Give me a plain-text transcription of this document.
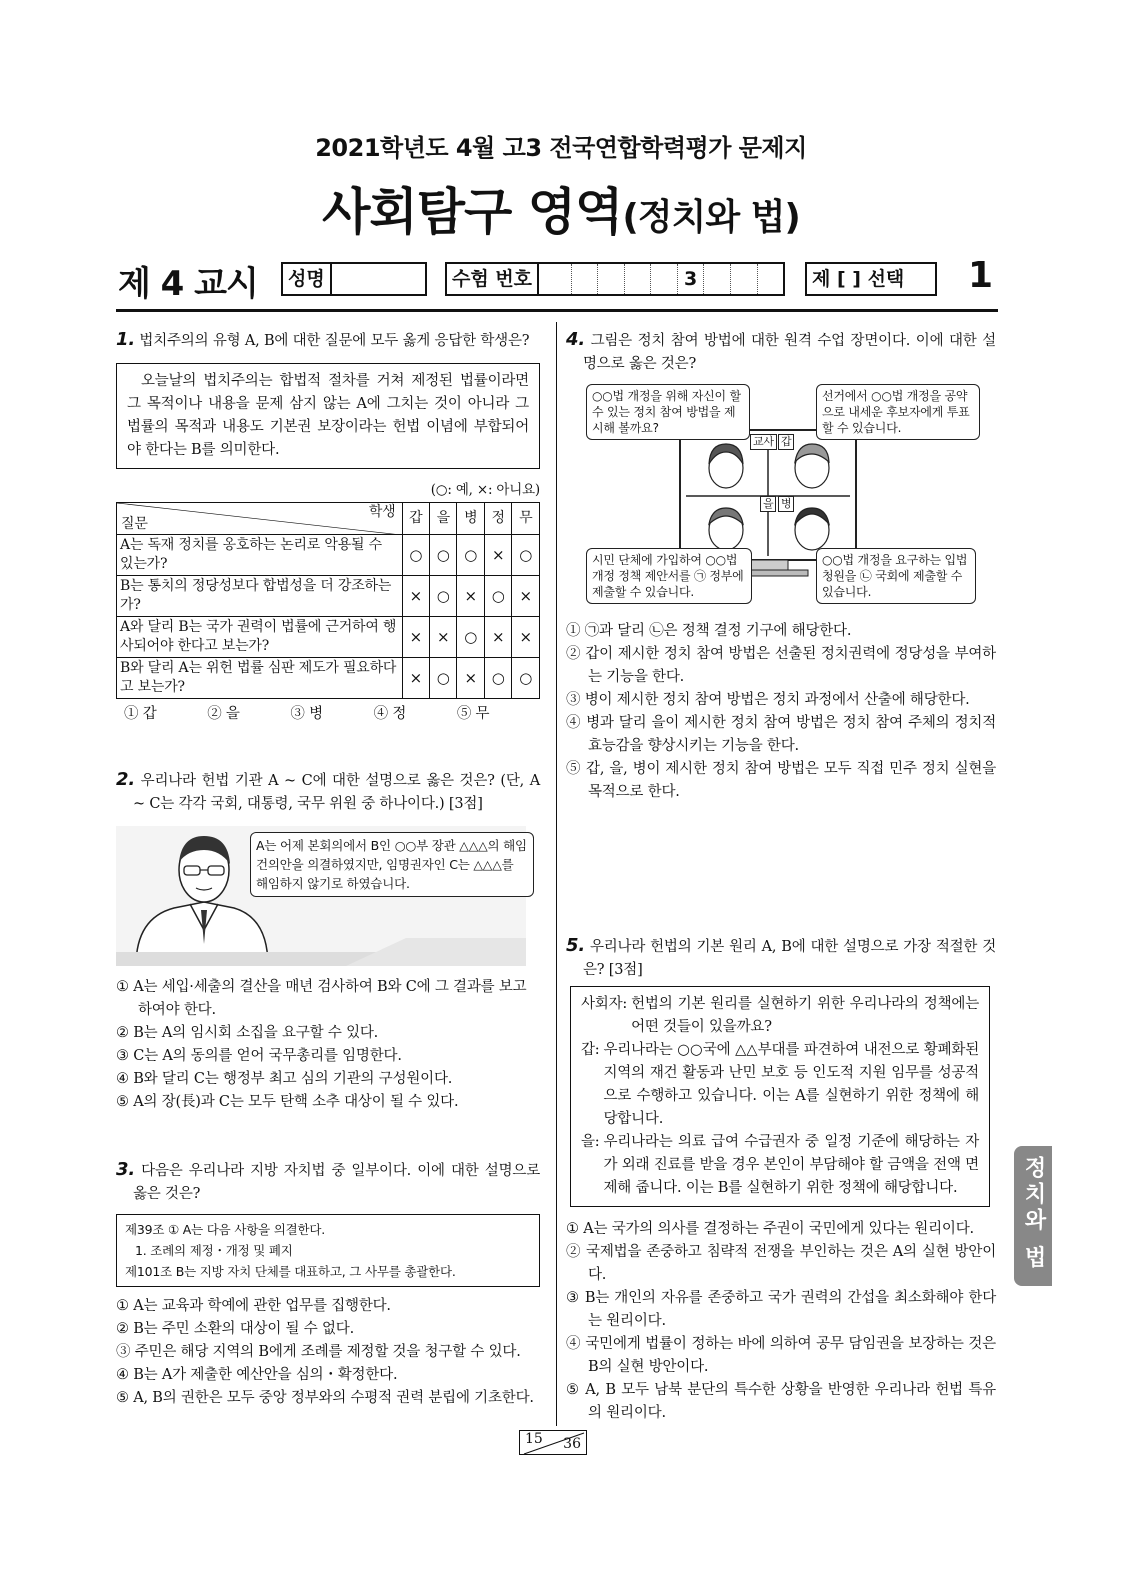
2021학년도 4월 고3 전국연합학력평가 문제지
사회탐구 영역(정치와 법)
제 4 교시 성명	수험 번호	3	제 [ ] 선택 1
1. 법치주의의 유형 A, B에 대한 질문에 모두 옳게 응답한 학생은?
오늘날의 법치주의는 합법적 절차를 거쳐 제정된 법률이라면 그 목적이나 내용을 문제 삼지 않는 A에 그치는 것이 아니라 그 법률의 목적과 내용도 기본권 보장이라는 헌법 이념에 부합되어야 한다는 B를 의미한다.
(○: 예, ×: 아니요)
학생
질문	갑	을	병	정	무
A는 독재 정치를 옹호하는 논리로 악용될 수 있는가?	○	○	○	×	○
B는 통치의 정당성보다 합법성을 더 강조하는가?	×	○	×	○	×
A와 달리 B는 국가 권력이 법률에 근거하여 행사되어야 한다고 보는가?	×	×	○	×	×
B와 달리 A는 위헌 법률 심판 제도가 필요하다고 보는가?	×	○	×	○	○
① 갑	② 을	③ 병	④ 정	⑤ 무
2. 우리나라 헌법 기관 A ~ C에 대한 설명으로 옳은 것은? (단, A ~ C는 각각 국회, 대통령, 국무 위원 중 하나이다.) [3점]
A는 어제 본회의에서 B인 ○○부 장관 △△△의 해임 건의안을 의결하였지만, 임명권자인 C는 △△△를 해임하지 않기로 하였습니다.
① A는 세입·세출의 결산을 매년 검사하여 B와 C에 그 결과를 보고하여야 한다.
② B는 A의 임시회 소집을 요구할 수 있다.
③ C는 A의 동의를 얻어 국무총리를 임명한다.
④ B와 달리 C는 행정부 최고 심의 기관의 구성원이다.
⑤ A의 장(長)과 C는 모두 탄핵 소추 대상이 될 수 있다.
3. 다음은 우리나라 지방 자치법 중 일부이다. 이에 대한 설명으로 옳은 것은?
제39조 ① A는 다음 사항을 의결한다.
1. 조례의 제정・개정 및 폐지
제101조 B는 지방 자치 단체를 대표하고, 그 사무를 총괄한다.
① A는 교육과 학예에 관한 업무를 집행한다.
② B는 주민 소환의 대상이 될 수 없다.
③ 주민은 해당 지역의 B에게 조례를 제정할 것을 청구할 수 있다.
④ B는 A가 제출한 예산안을 심의・확정한다.
⑤ A, B의 권한은 모두 중앙 정부와의 수평적 권력 분립에 기초한다.
4. 그림은 정치 참여 방법에 대한 원격 수업 장면이다. 이에 대한 설명으로 옳은 것은?
○○법 개정을 위해 자신이 할 수 있는 정치 참여 방법을 제시해 볼까요?
선거에서 ○○법 개정을 공약으로 내세운 후보자에게 투표할 수 있습니다.
시민 단체에 가입하여 ○○법 개정 정책 제안서를 ㉠ 정부에 제출할 수 있습니다.
○○법 개정을 요구하는 입법 청원을 ㉡ 국회에 제출할 수 있습니다.
교사 갑
을 병
① ㉠과 달리 ㉡은 정책 결정 기구에 해당한다.
② 갑이 제시한 정치 참여 방법은 선출된 정치권력에 정당성을 부여하는 기능을 한다.
③ 병이 제시한 정치 참여 방법은 정치 과정에서 산출에 해당한다.
④ 병과 달리 을이 제시한 정치 참여 방법은 정치 참여 주체의 정치적 효능감을 향상시키는 기능을 한다.
⑤ 갑, 을, 병이 제시한 정치 참여 방법은 모두 직접 민주 정치 실현을 목적으로 한다.
5. 우리나라 헌법의 기본 원리 A, B에 대한 설명으로 가장 적절한 것은? [3점]
사회자: 헌법의 기본 원리를 실현하기 위한 우리나라의 정책에는 어떤 것들이 있을까요?
갑: 우리나라는 ○○국에 △△부대를 파견하여 내전으로 황폐화된 지역의 재건 활동과 난민 보호 등 인도적 지원 임무를 성공적으로 수행하고 있습니다. 이는 A를 실현하기 위한 정책에 해당합니다.
을: 우리나라는 의료 급여 수급권자 중 일정 기준에 해당하는 자가 외래 진료를 받을 경우 본인이 부담해야 할 금액을 전액 면제해 줍니다. 이는 B를 실현하기 위한 정책에 해당합니다.
① A는 국가의 의사를 결정하는 주권이 국민에게 있다는 원리이다.
② 국제법을 존중하고 침략적 전쟁을 부인하는 것은 A의 실현 방안이다.
③ B는 개인의 자유를 존중하고 국가 권력의 간섭을 최소화해야 한다는 원리이다.
④ 국민에게 법률이 정하는 바에 의하여 공무 담임권을 보장하는 것은 B의 실현 방안이다.
⑤ A, B 모두 남북 분단의 특수한 상황을 반영한 우리나라 헌법 특유의 원리이다.
정치와 법
15 36
